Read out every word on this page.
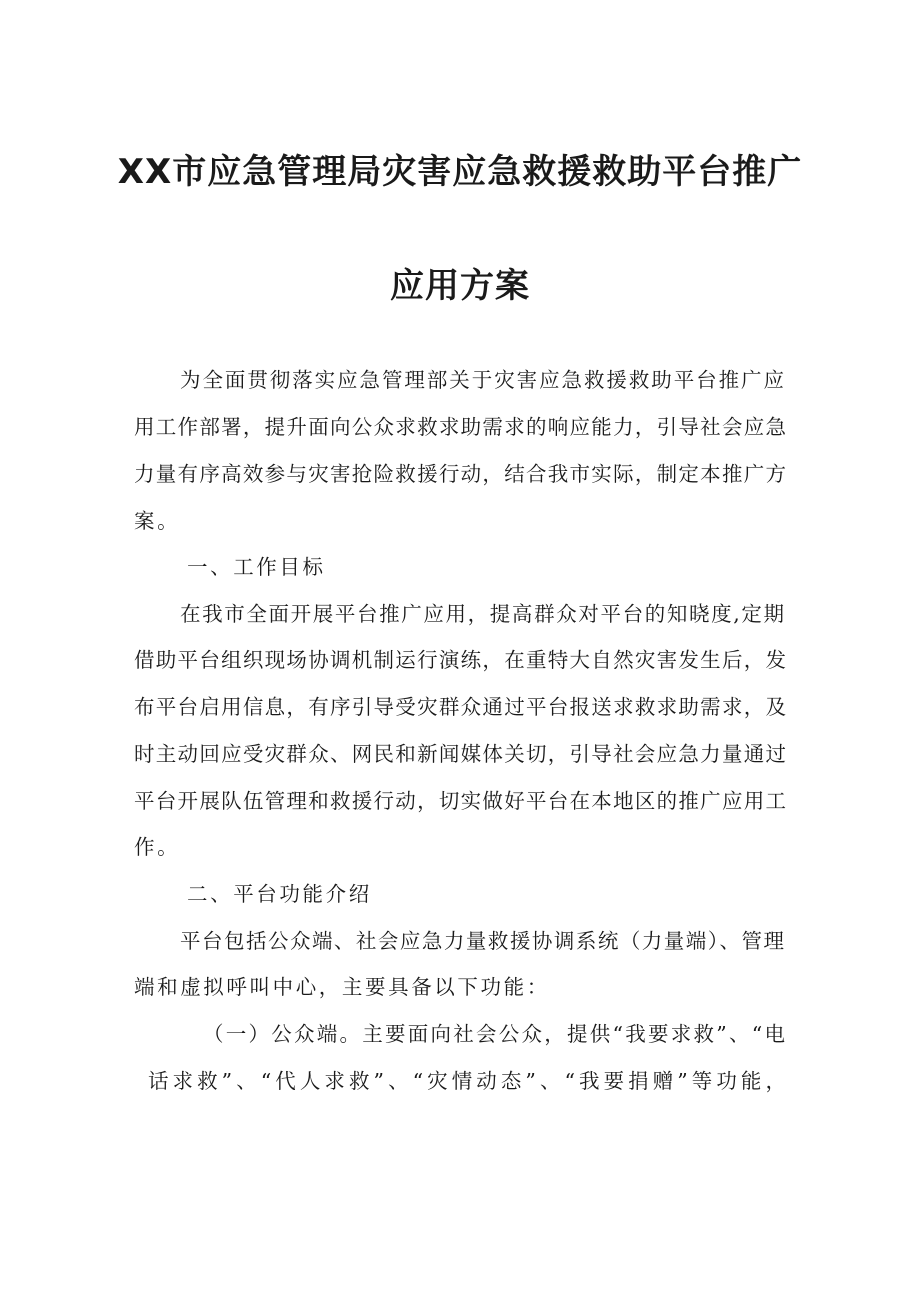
XX市应急管理局灾害应急救援救助平台推广
应用方案
为全面贯彻落实应急管理部关于灾害应急救援救助平台推广应
用工作部署，提升面向公众求救求助需求的响应能力，引导社会应急
力量有序高效参与灾害抢险救援行动，结合我市实际，制定本推广方
案。
一、工作目标
在我市全面开展平台推广应用，提高群众对平台的知晓度,定期
借助平台组织现场协调机制运行演练，在重特大自然灾害发生后，发
布平台启用信息，有序引导受灾群众通过平台报送求救求助需求，及
时主动回应受灾群众、网民和新闻媒体关切，引导社会应急力量通过
平台开展队伍管理和救援行动，切实做好平台在本地区的推广应用工
作。
二、平台功能介绍
平台包括公众端、社会应急力量救援协调系统（力量端）、管理
端和虚拟呼叫中心，主要具备以下功能：
（一）公众端。主要面向社会公众，提供“我要求救”、“电
话求救”、“代人求救”、“灾情动态”、“我要捐赠”等功能，
